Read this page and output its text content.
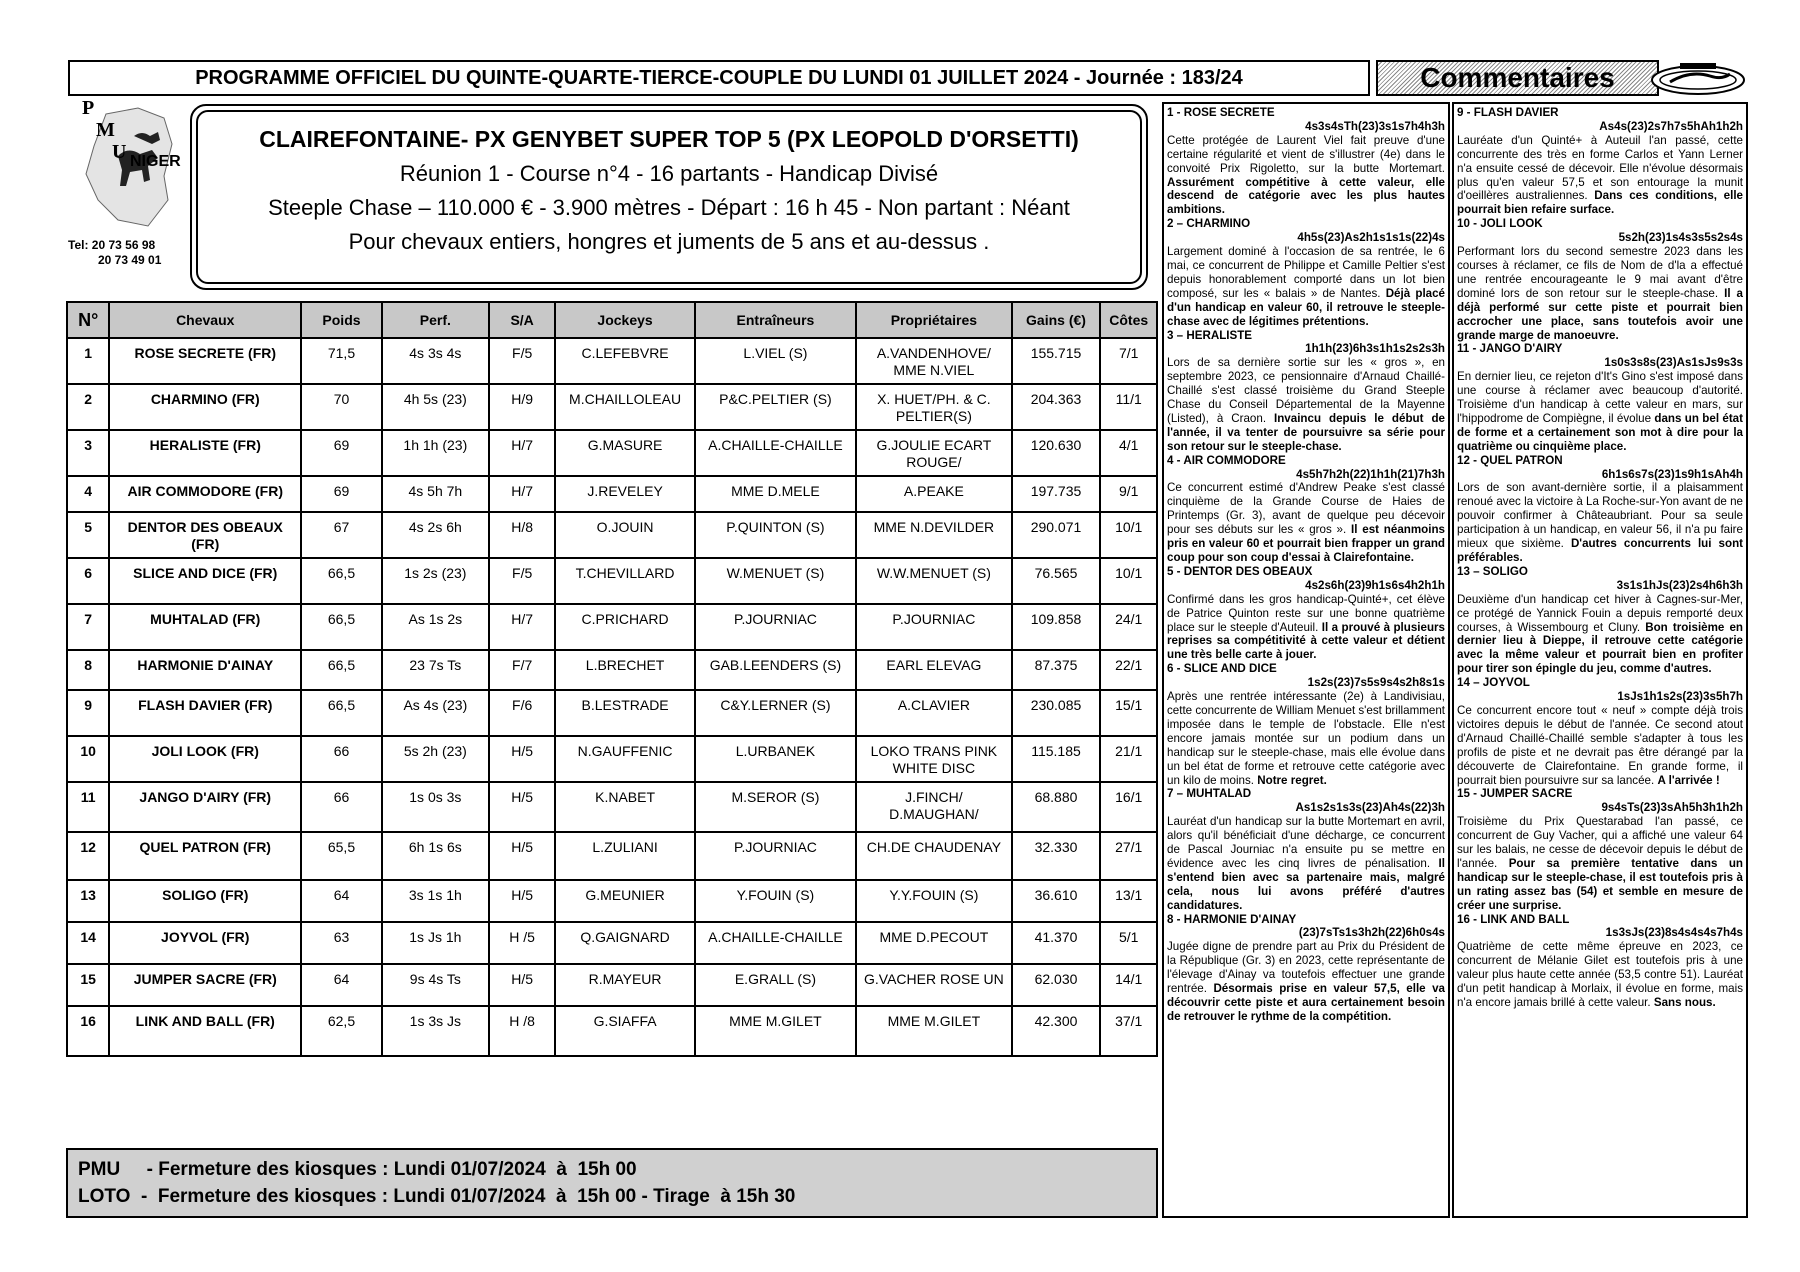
PROGRAMME OFFICIEL DU QUINTE-QUARTE-TIERCE-COUPLE DU LUNDI 01 JUILLET 2024 - Journée : 183/24	Commentaires
P
M
U NIGER
Tel: 20 73 56 98
20 73 49 01
CLAIREFONTAINE- PX GENYBET SUPER TOP 5 (PX LEOPOLD D'ORSETTI)
Réunion 1 - Course n°4 - 16 partants - Handicap Divisé
Steeple Chase – 110.000 € - 3.900 mètres - Départ : 16 h 45 - Non partant : Néant
Pour chevaux entiers, hongres et juments de 5 ans et au-dessus .
N°	Chevaux	Poids	Perf.	S/A	Jockeys	Entraîneurs	Propriétaires	Gains (€)	Côtes
1	ROSE SECRETE (FR)	71,5	4s 3s 4s	F/5	C.LEFEBVRE	L.VIEL (S)	A.VANDENHOVE/ MME N.VIEL	155.715	7/1
2	CHARMINO (FR)	70	4h 5s (23)	H/9	M.CHAILLOLEAU	P&C.PELTIER (S)	X. HUET/PH. & C. PELTIER(S)	204.363	11/1
3	HERALISTE (FR)	69	1h 1h (23)	H/7	G.MASURE	A.CHAILLE-CHAILLE	G.JOULIE ECART ROUGE/	120.630	4/1
4	AIR COMMODORE (FR)	69	4s 5h 7h	H/7	J.REVELEY	MME D.MELE	A.PEAKE	197.735	9/1
5	DENTOR DES OBEAUX (FR)	67	4s 2s 6h	H/8	O.JOUIN	P.QUINTON (S)	MME N.DEVILDER	290.071	10/1
6	SLICE AND DICE (FR)	66,5	1s 2s (23)	F/5	T.CHEVILLARD	W.MENUET (S)	W.W.MENUET (S)	76.565	10/1
7	MUHTALAD (FR)	66,5	As 1s 2s	H/7	C.PRICHARD	P.JOURNIAC	P.JOURNIAC	109.858	24/1
8	HARMONIE D'AINAY	66,5	23 7s Ts	F/7	L.BRECHET	GAB.LEENDERS (S)	EARL ELEVAG	87.375	22/1
9	FLASH DAVIER (FR)	66,5	As 4s (23)	F/6	B.LESTRADE	C&Y.LERNER (S)	A.CLAVIER	230.085	15/1
10	JOLI LOOK (FR)	66	5s 2h (23)	H/5	N.GAUFFENIC	L.URBANEK	LOKO TRANS PINK WHITE DISC	115.185	21/1
11	JANGO D'AIRY (FR)	66	1s 0s 3s	H/5	K.NABET	M.SEROR (S)	J.FINCH/ D.MAUGHAN/	68.880	16/1
12	QUEL PATRON (FR)	65,5	6h 1s 6s	H/5	L.ZULIANI	P.JOURNIAC	CH.DE CHAUDENAY	32.330	27/1
13	SOLIGO (FR)	64	3s 1s 1h	H/5	G.MEUNIER	Y.FOUIN (S)	Y.Y.FOUIN (S)	36.610	13/1
14	JOYVOL (FR)	63	1s Js 1h	H /5	Q.GAIGNARD	A.CHAILLE-CHAILLE	MME D.PECOUT	41.370	5/1
15	JUMPER SACRE (FR)	64	9s 4s Ts	H/5	R.MAYEUR	E.GRALL (S)	G.VACHER ROSE UN	62.030	14/1
16	LINK AND BALL (FR)	62,5	1s 3s Js	H /8	G.SIAFFA	MME M.GILET	MME M.GILET	42.300	37/1
PMU     - Fermeture des kiosques : Lundi 01/07/2024  à  15h 00
LOTO  -  Fermeture des kiosques : Lundi 01/07/2024  à  15h 00 - Tirage  à 15h 30
1 - ROSE SECRETE
4s3s4sTh(23)3s1s7h4h3h
Cette protégée de Laurent Viel fait preuve d'une certaine régularité et vient de s'illustrer (4e) dans le convoité Prix Rigoletto, sur la butte Mortemart. Assurément compétitive à cette valeur, elle descend de catégorie avec les plus hautes ambitions.
2 – CHARMINO
4h5s(23)As2h1s1s1s(22)4s
Largement dominé à l'occasion de sa rentrée, le 6 mai, ce concurrent de Philippe et Camille Peltier s'est depuis honorablement comporté dans un lot bien composé, sur les « balais » de Nantes. Déjà placé d'un handicap en valeur 60, il retrouve le steeple-chase avec de légitimes prétentions.
3 – HERALISTE
1h1h(23)6h3s1h1s2s2s3h
Lors de sa dernière sortie sur les « gros », en septembre 2023, ce pensionnaire d'Arnaud Chaillé-Chaillé s'est classé troisième du Grand Steeple Chase du Conseil Départemental de la Mayenne (Listed), à Craon. Invaincu depuis le début de l'année, il va tenter de poursuivre sa série pour son retour sur le steeple-chase.
4 - AIR COMMODORE
4s5h7h2h(22)1h1h(21)7h3h
Ce concurrent estimé d'Andrew Peake s'est classé cinquième de la Grande Course de Haies de Printemps (Gr. 3), avant de quelque peu décevoir pour ses débuts sur les « gros ». Il est néanmoins pris en valeur 60 et pourrait bien frapper un grand coup pour son coup d'essai à Clairefontaine.
5 - DENTOR DES OBEAUX
4s2s6h(23)9h1s6s4h2h1h
Confirmé dans les gros handicap-Quinté+, cet élève de Patrice Quinton reste sur une bonne quatrième place sur le steeple d'Auteuil. Il a prouvé à plusieurs reprises sa compétitivité à cette valeur et détient une très belle carte à jouer.
6 - SLICE AND DICE
1s2s(23)7s5s9s4s2h8s1s
Après une rentrée intéressante (2e) à Landivisiau, cette concurrente de William Menuet s'est brillamment imposée dans le temple de l'obstacle. Elle n'est encore jamais montée sur un podium dans un handicap sur le steeple-chase, mais elle évolue dans un bel état de forme et retrouve cette catégorie avec un kilo de moins. Notre regret.
7 – MUHTALAD
As1s2s1s3s(23)Ah4s(22)3h
Lauréat d'un handicap sur la butte Mortemart en avril, alors qu'il bénéficiait d'une décharge, ce concurrent de Pascal Journiac n'a ensuite pu se mettre en évidence avec les cinq livres de pénalisation. Il s'entend bien avec sa partenaire mais, malgré cela, nous lui avons préféré d'autres candidatures.
8 - HARMONIE D'AINAY
(23)7sTs1s3h2h(22)6h0s4s
Jugée digne de prendre part au Prix du Président de la République (Gr. 3) en 2023, cette représentante de l'élevage d'Ainay va toutefois effectuer une grande rentrée. Désormais prise en valeur 57,5, elle va découvrir cette piste et aura certainement besoin de retrouver le rythme de la compétition.
9 - FLASH DAVIER
As4s(23)2s7h7s5hAh1h2h
Lauréate d'un Quinté+ à Auteuil l'an passé, cette concurrente des très en forme Carlos et Yann Lerner n'a ensuite cessé de décevoir. Elle n'évolue désormais plus qu'en valeur 57,5 et son entourage la munit d'oeillères australiennes. Dans ces conditions, elle pourrait bien refaire surface.
10 - JOLI LOOK
5s2h(23)1s4s3s5s2s4s
Performant lors du second semestre 2023 dans les courses à réclamer, ce fils de Nom de d'la a effectué une rentrée encourageante le 9 mai avant d'être dominé lors de son retour sur le steeple-chase. Il a déjà performé sur cette piste et pourrait bien accrocher une place, sans toutefois avoir une grande marge de manoeuvre.
11 - JANGO D'AIRY
1s0s3s8s(23)As1sJs9s3s
En dernier lieu, ce rejeton d'It's Gino s'est imposé dans une course à réclamer avec beaucoup d'autorité. Troisième d'un handicap à cette valeur en mars, sur l'hippodrome de Compiègne, il évolue dans un bel état de forme et a certainement son mot à dire pour la quatrième ou cinquième place.
12 - QUEL PATRON
6h1s6s7s(23)1s9h1sAh4h
Lors de son avant-dernière sortie, il a plaisamment renoué avec la victoire à La Roche-sur-Yon avant de ne pouvoir confirmer à Châteaubriant. Pour sa seule participation à un handicap, en valeur 56, il n'a pu faire mieux que sixième. D'autres concurrents lui sont préférables.
13 – SOLIGO
3s1s1hJs(23)2s4h6h3h
Deuxième d'un handicap cet hiver à Cagnes-sur-Mer, ce protégé de Yannick Fouin a depuis remporté deux courses, à Wissembourg et Cluny. Bon troisième en dernier lieu à Dieppe, il retrouve cette catégorie avec la même valeur et pourrait bien en profiter pour tirer son épingle du jeu, comme d'autres.
14 – JOYVOL
1sJs1h1s2s(23)3s5h7h
Ce concurrent encore tout « neuf » compte déjà trois victoires depuis le début de l'année. Ce second atout d'Arnaud Chaillé-Chaillé semble s'adapter à tous les profils de piste et ne devrait pas être dérangé par la découverte de Clairefontaine. En grande forme, il pourrait bien poursuivre sur sa lancée. A l'arrivée !
15 - JUMPER SACRE
9s4sTs(23)3sAh5h3h1h2h
Troisième du Prix Questarabad l'an passé, ce concurrent de Guy Vacher, qui a affiché une valeur 64 sur les balais, ne cesse de décevoir depuis le début de l'année. Pour sa première tentative dans un handicap sur le steeple-chase, il est toutefois pris à un rating assez bas (54) et semble en mesure de créer une surprise.
16 - LINK AND BALL
1s3sJs(23)8s4s4s4s7h4s
Quatrième de cette même épreuve en 2023, ce concurrent de Mélanie Gilet est toutefois pris à une valeur plus haute cette année (53,5 contre 51). Lauréat d'un petit handicap à Morlaix, il évolue en forme, mais n'a encore jamais brillé à cette valeur. Sans nous.
